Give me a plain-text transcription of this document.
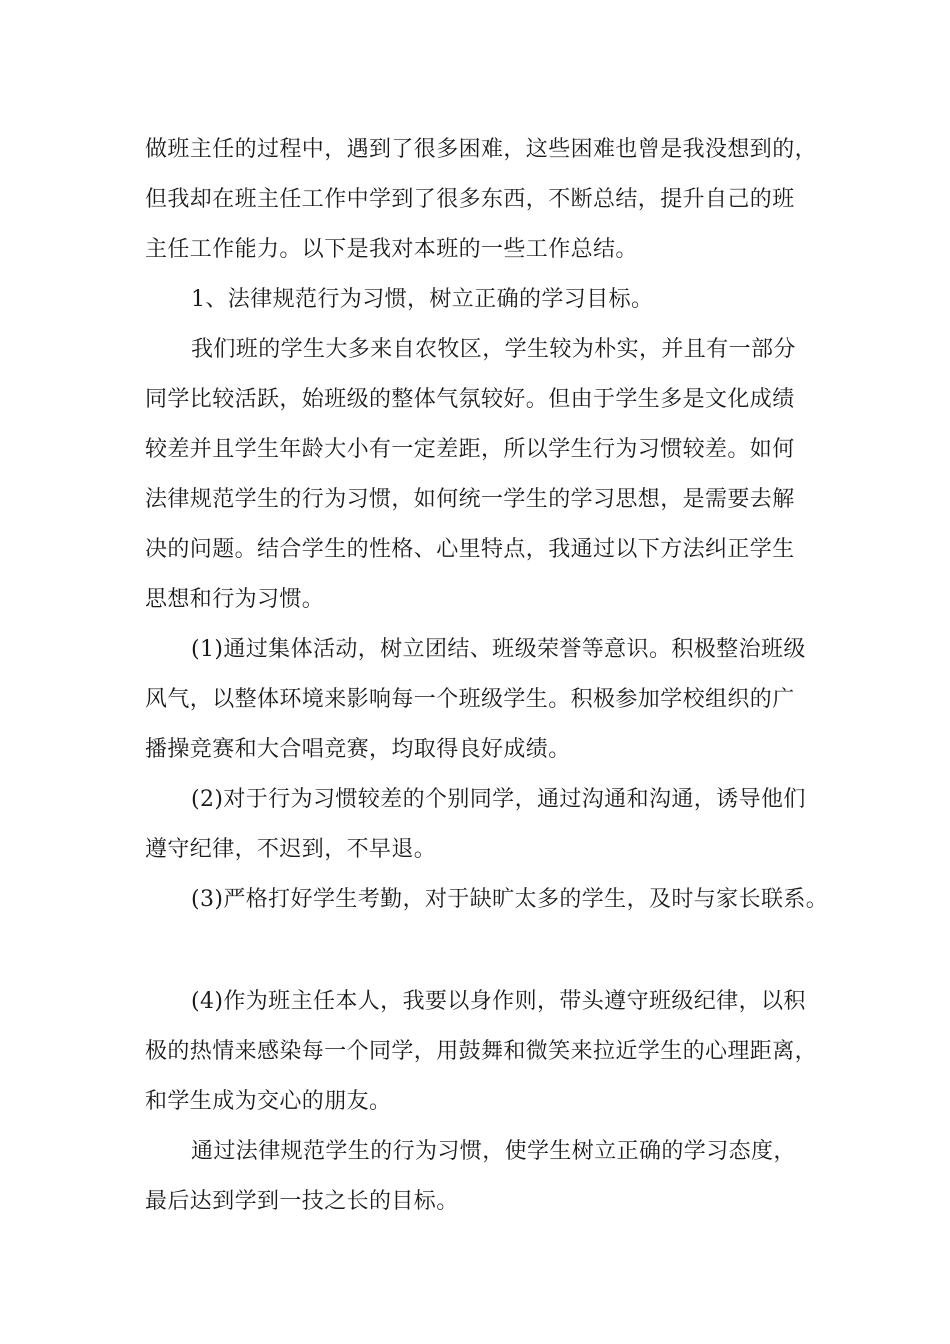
做班主任的过程中，遇到了很多困难，这些困难也曾是我没想到的，
但我却在班主任工作中学到了很多东西，不断总结，提升自己的班
主任工作能力。以下是我对本班的一些工作总结。
1、法律规范行为习惯，树立正确的学习目标。
我们班的学生大多来自农牧区，学生较为朴实，并且有一部分
同学比较活跃，始班级的整体气氛较好。但由于学生多是文化成绩
较差并且学生年龄大小有一定差距，所以学生行为习惯较差。如何
法律规范学生的行为习惯，如何统一学生的学习思想，是需要去解
决的问题。结合学生的性格、心里特点，我通过以下方法纠正学生
思想和行为习惯。
(1)通过集体活动，树立团结、班级荣誉等意识。积极整治班级
风气，以整体环境来影响每一个班级学生。积极参加学校组织的广
播操竞赛和大合唱竞赛，均取得良好成绩。
(2)对于行为习惯较差的个别同学，通过沟通和沟通，诱导他们
遵守纪律，不迟到，不早退。
(3)严格打好学生考勤，对于缺旷太多的学生，及时与家长联系。
(4)作为班主任本人，我要以身作则，带头遵守班级纪律，以积
极的热情来感染每一个同学，用鼓舞和微笑来拉近学生的心理距离，
和学生成为交心的朋友。
通过法律规范学生的行为习惯，使学生树立正确的学习态度，
最后达到学到一技之长的目标。
